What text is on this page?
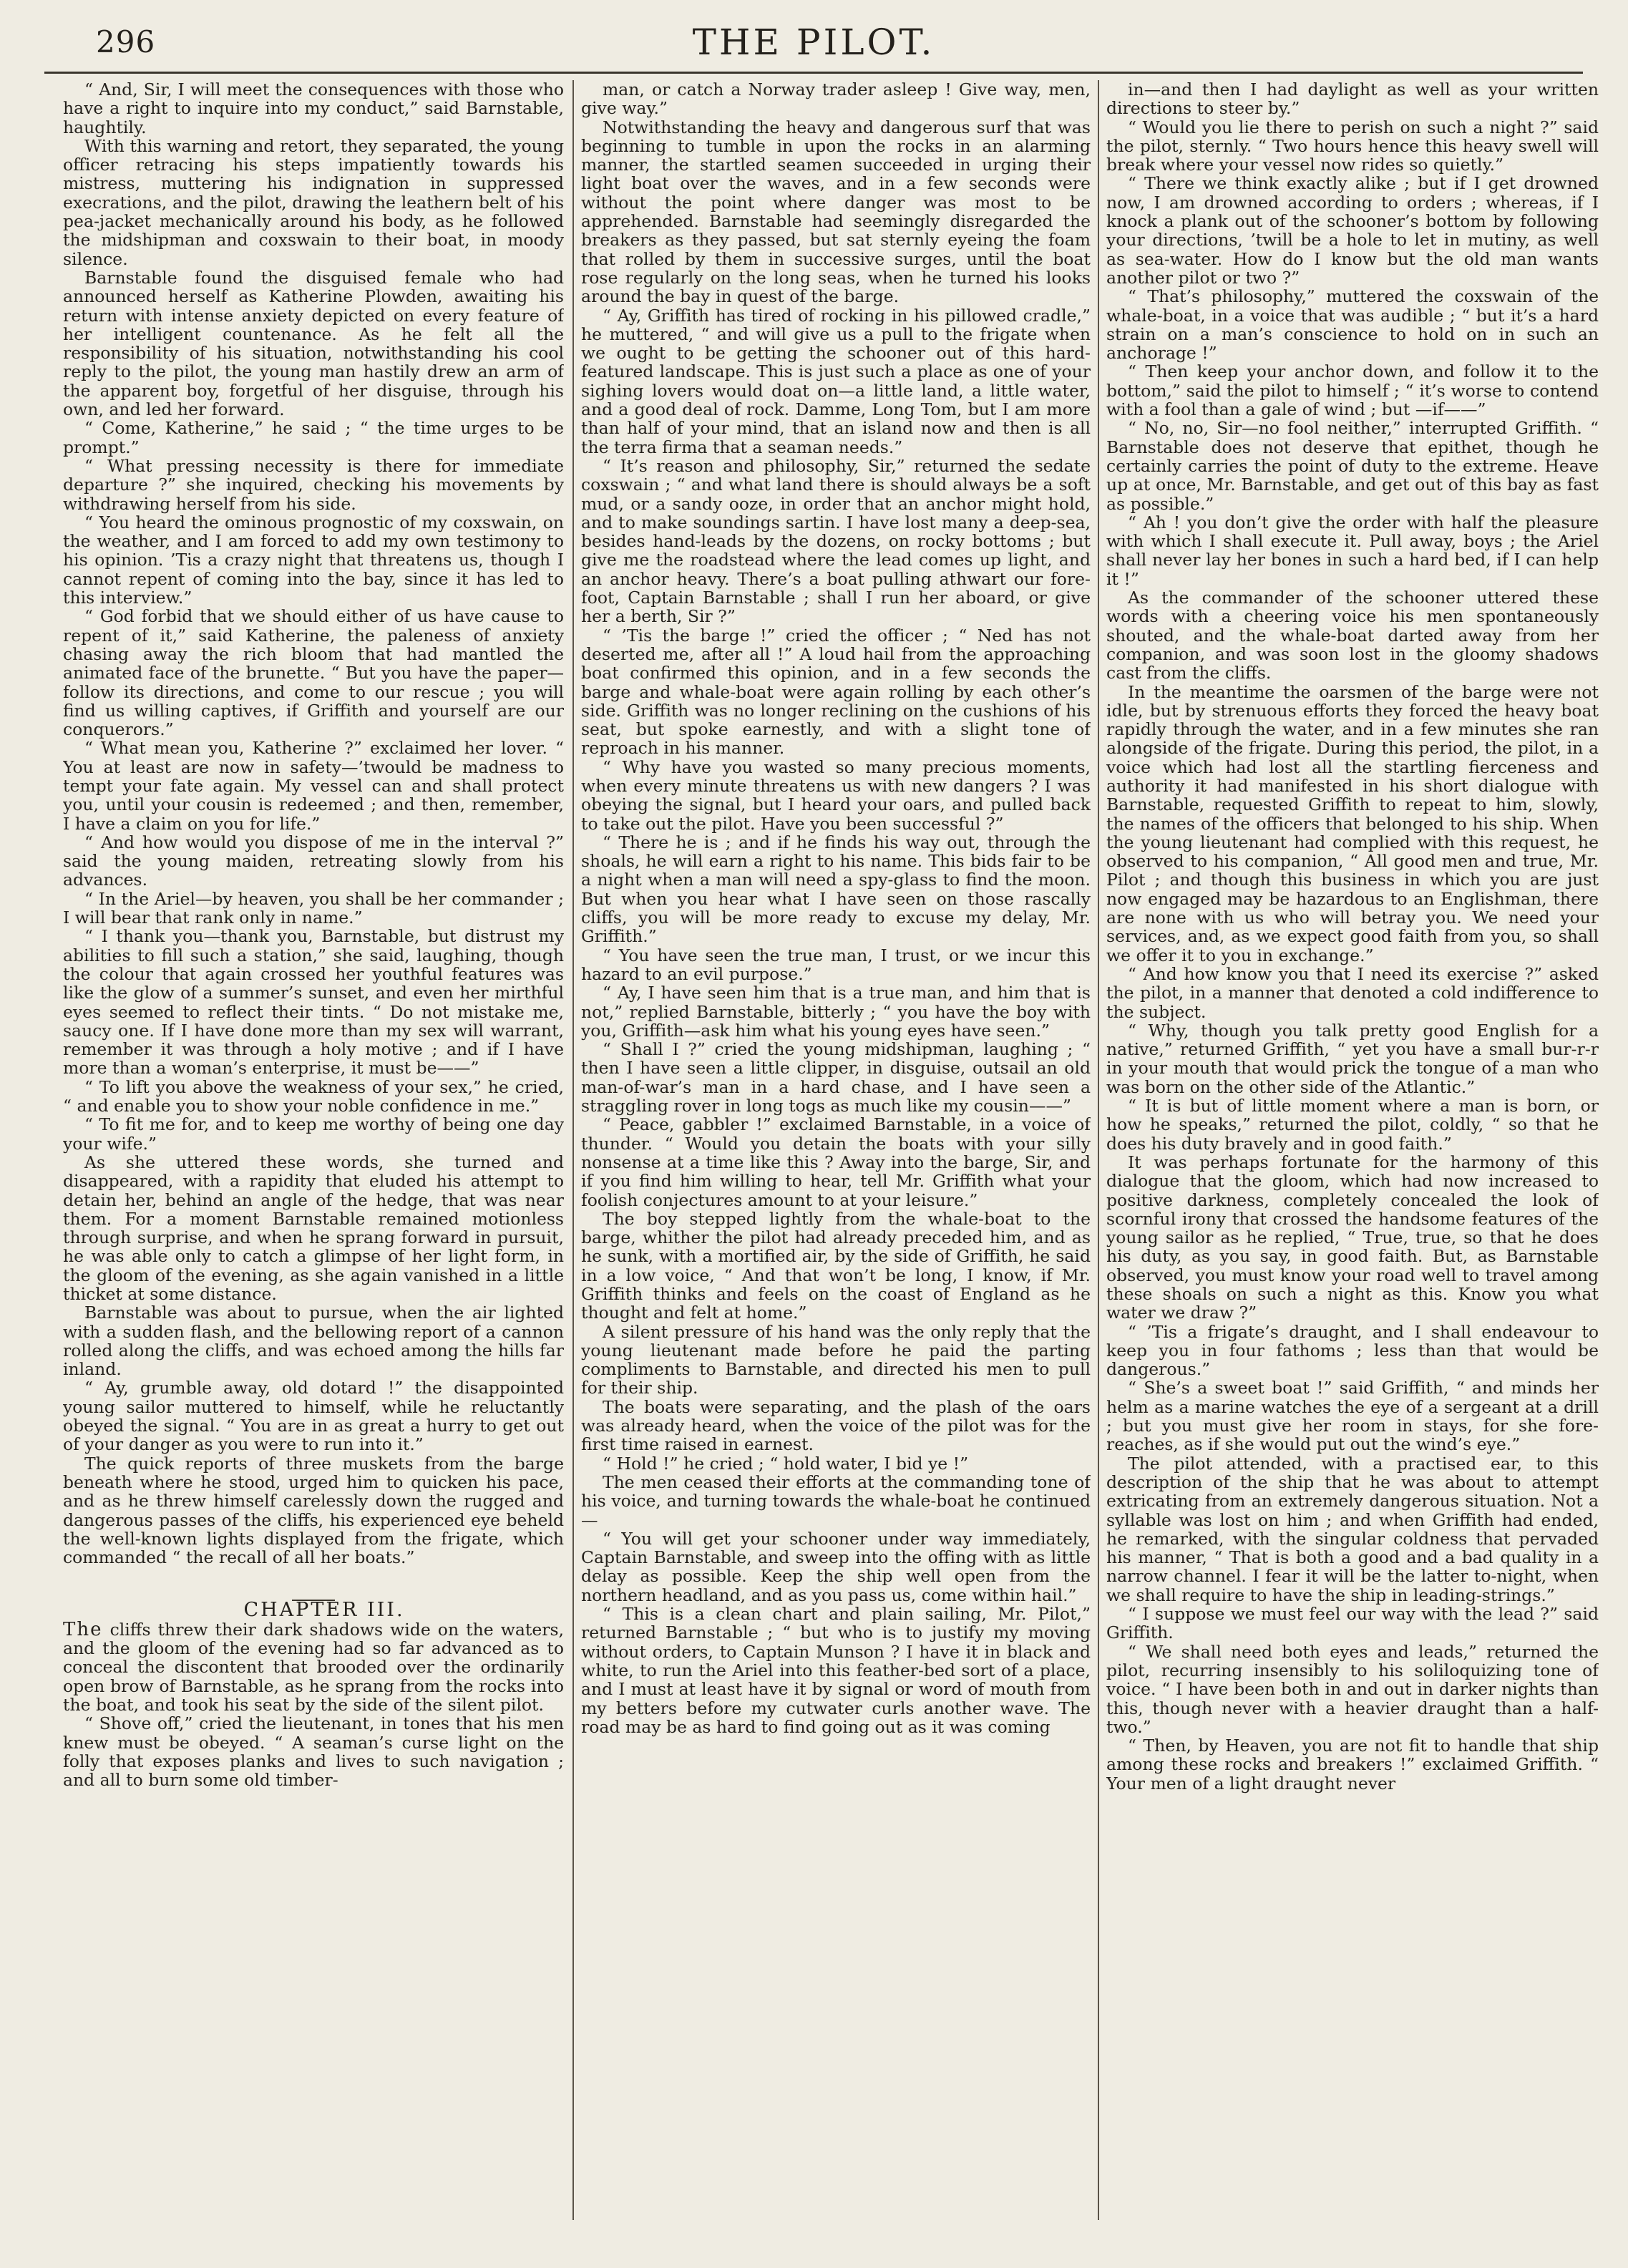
296	THE PILOT.

“ And, Sir, I will meet the consequences with those who have a right to inquire into my conduct,” said Barnstable, haughtily.

With this warning and retort, they separated, the young officer retracing his steps impatiently towards his mistress, muttering his indignation in suppressed execrations, and the pilot, drawing the leathern belt of his pea-jacket mechanically around his body, as he followed the midshipman and coxswain to their boat, in moody silence.

Barnstable found the disguised female who had announced herself as Katherine Plowden, awaiting his return with intense anxiety depicted on every feature of her intelligent countenance. As he felt all the responsibility of his situation, notwithstanding his cool reply to the pilot, the young man hastily drew an arm of the apparent boy, forgetful of her disguise, through his own, and led her forward.

“ Come, Katherine,” he said ; “ the time urges to be prompt.”

“ What pressing necessity is there for immediate departure ?” she inquired, checking his movements by withdrawing herself from his side.

“ You heard the ominous prognostic of my coxswain, on the weather, and I am forced to add my own testimony to his opinion. ’Tis a crazy night that threatens us, though I cannot repent of coming into the bay, since it has led to this interview.”

“ God forbid that we should either of us have cause to repent of it,” said Katherine, the paleness of anxiety chasing away the rich bloom that had mantled the animated face of the brunette. “ But you have the paper—follow its directions, and come to our rescue ; you will find us willing captives, if Griffith and yourself are our conquerors.”

“ What mean you, Katherine ?” exclaimed her lover. “ You at least are now in safety—’twould be madness to tempt your fate again. My vessel can and shall protect you, until your cousin is redeemed ; and then, remember, I have a claim on you for life.”

“ And how would you dispose of me in the interval ?” said the young maiden, retreating slowly from his advances.

“ In the Ariel—by heaven, you shall be her commander ; I will bear that rank only in name.”

“ I thank you—thank you, Barnstable, but distrust my abilities to fill such a station,” she said, laughing, though the colour that again crossed her youthful features was like the glow of a summer’s sunset, and even her mirthful eyes seemed to reflect their tints. “ Do not mistake me, saucy one. If I have done more than my sex will warrant, remember it was through a holy motive ; and if I have more than a woman’s enterprise, it must be——”

“ To lift you above the weakness of your sex,” he cried, “ and enable you to show your noble confidence in me.”

“ To fit me for, and to keep me worthy of being one day your wife.”

As she uttered these words, she turned and disappeared, with a rapidity that eluded his attempt to detain her, behind an angle of the hedge, that was near them. For a moment Barnstable remained motionless through surprise, and when he sprang forward in pursuit, he was able only to catch a glimpse of her light form, in the gloom of the evening, as she again vanished in a little thicket at some distance.

Barnstable was about to pursue, when the air lighted with a sudden flash, and the bellowing report of a cannon rolled along the cliffs, and was echoed among the hills far inland.

“ Ay, grumble away, old dotard !” the disappointed young sailor muttered to himself, while he reluctantly obeyed the signal. “ You are in as great a hurry to get out of your danger as you were to run into it.”

The quick reports of three muskets from the barge beneath where he stood, urged him to quicken his pace, and as he threw himself carelessly down the rugged and dangerous passes of the cliffs, his experienced eye beheld the well-known lights displayed from the frigate, which commanded “ the recall of all her boats.”

CHAPTER III.

The cliffs threw their dark shadows wide on the waters, and the gloom of the evening had so far advanced as to conceal the discontent that brooded over the ordinarily open brow of Barnstable, as he sprang from the rocks into the boat, and took his seat by the side of the silent pilot.

“ Shove off,” cried the lieutenant, in tones that his men knew must be obeyed. “ A seaman’s curse light on the folly that exposes planks and lives to such navigation ; and all to burn some old timber-

man, or catch a Norway trader asleep ! Give way, men, give way.”

Notwithstanding the heavy and dangerous surf that was beginning to tumble in upon the rocks in an alarming manner, the startled seamen succeeded in urging their light boat over the waves, and in a few seconds were without the point where danger was most to be apprehended. Barnstable had seemingly disregarded the breakers as they passed, but sat sternly eyeing the foam that rolled by them in successive surges, until the boat rose regularly on the long seas, when he turned his looks around the bay in quest of the barge.

“ Ay, Griffith has tired of rocking in his pillowed cradle,” he muttered, “ and will give us a pull to the frigate when we ought to be getting the schooner out of this hard-featured landscape. This is just such a place as one of your sighing lovers would doat on—a little land, a little water, and a good deal of rock. Damme, Long Tom, but I am more than half of your mind, that an island now and then is all the terra firma that a seaman needs.”

“ It’s reason and philosophy, Sir,” returned the sedate coxswain ; “ and what land there is should always be a soft mud, or a sandy ooze, in order that an anchor might hold, and to make soundings sartin. I have lost many a deep-sea, besides hand-leads by the dozens, on rocky bottoms ; but give me the roadstead where the lead comes up light, and an anchor heavy. There’s a boat pulling athwart our fore-foot, Captain Barnstable ; shall I run her aboard, or give her a berth, Sir ?”

“ ’Tis the barge !” cried the officer ; “ Ned has not deserted me, after all !” A loud hail from the approaching boat confirmed this opinion, and in a few seconds the barge and whale-boat were again rolling by each other’s side. Griffith was no longer reclining on the cushions of his seat, but spoke earnestly, and with a slight tone of reproach in his manner.

“ Why have you wasted so many precious moments, when every minute threatens us with new dangers ? I was obeying the signal, but I heard your oars, and pulled back to take out the pilot. Have you been successful ?”

“ There he is ; and if he finds his way out, through the shoals, he will earn a right to his name. This bids fair to be a night when a man will need a spy-glass to find the moon. But when you hear what I have seen on those rascally cliffs, you will be more ready to excuse my delay, Mr. Griffith.”

“ You have seen the true man, I trust, or we incur this hazard to an evil purpose.”

“ Ay, I have seen him that is a true man, and him that is not,” replied Barnstable, bitterly ; “ you have the boy with you, Griffith—ask him what his young eyes have seen.”

“ Shall I ?” cried the young midshipman, laughing ; “ then I have seen a little clipper, in disguise, outsail an old man-of-war’s man in a hard chase, and I have seen a straggling rover in long togs as much like my cousin——”

“ Peace, gabbler !” exclaimed Barnstable, in a voice of thunder. “ Would you detain the boats with your silly nonsense at a time like this ? Away into the barge, Sir, and if you find him willing to hear, tell Mr. Griffith what your foolish conjectures amount to at your leisure.”

The boy stepped lightly from the whale-boat to the barge, whither the pilot had already preceded him, and as he sunk, with a mortified air, by the side of Griffith, he said in a low voice, “ And that won’t be long, I know, if Mr. Griffith thinks and feels on the coast of England as he thought and felt at home.”

A silent pressure of his hand was the only reply that the young lieutenant made before he paid the parting compliments to Barnstable, and directed his men to pull for their ship.

The boats were separating, and the plash of the oars was already heard, when the voice of the pilot was for the first time raised in earnest.

“ Hold !” he cried ; “ hold water, I bid ye !”

The men ceased their efforts at the commanding tone of his voice, and turning towards the whale-boat he continued—

“ You will get your schooner under way immediately, Captain Barnstable, and sweep into the offing with as little delay as possible. Keep the ship well open from the northern headland, and as you pass us, come within hail.”

“ This is a clean chart and plain sailing, Mr. Pilot,” returned Barnstable ; “ but who is to justify my moving without orders, to Captain Munson ? I have it in black and white, to run the Ariel into this feather-bed sort of a place, and I must at least have it by signal or word of mouth from my betters before my cutwater curls another wave. The road may be as hard to find going out as it was coming

in—and then I had daylight as well as your written directions to steer by.”

“ Would you lie there to perish on such a night ?” said the pilot, sternly. “ Two hours hence this heavy swell will break where your vessel now rides so quietly.”

“ There we think exactly alike ; but if I get drowned now, I am drowned according to orders ; whereas, if I knock a plank out of the schooner’s bottom by following your directions, ’twill be a hole to let in mutiny, as well as sea-water. How do I know but the old man wants another pilot or two ?”

“ That’s philosophy,” muttered the coxswain of the whale-boat, in a voice that was audible ; “ but it’s a hard strain on a man’s conscience to hold on in such an anchorage !”

“ Then keep your anchor down, and follow it to the bottom,” said the pilot to himself ; “ it’s worse to contend with a fool than a gale of wind ; but —if——”

“ No, no, Sir—no fool neither,” interrupted Griffith. “ Barnstable does not deserve that epithet, though he certainly carries the point of duty to the extreme. Heave up at once, Mr. Barnstable, and get out of this bay as fast as possible.”

“ Ah ! you don’t give the order with half the pleasure with which I shall execute it. Pull away, boys ; the Ariel shall never lay her bones in such a hard bed, if I can help it !”

As the commander of the schooner uttered these words with a cheering voice his men spontaneously shouted, and the whale-boat darted away from her companion, and was soon lost in the gloomy shadows cast from the cliffs.

In the meantime the oarsmen of the barge were not idle, but by strenuous efforts they forced the heavy boat rapidly through the water, and in a few minutes she ran alongside of the frigate. During this period, the pilot, in a voice which had lost all the startling fierceness and authority it had manifested in his short dialogue with Barnstable, requested Griffith to repeat to him, slowly, the names of the officers that belonged to his ship. When the young lieutenant had complied with this request, he observed to his companion, “ All good men and true, Mr. Pilot ; and though this business in which you are just now engaged may be hazardous to an Englishman, there are none with us who will betray you. We need your services, and, as we expect good faith from you, so shall we offer it to you in exchange.”

“ And how know you that I need its exercise ?” asked the pilot, in a manner that denoted a cold indifference to the subject.

“ Why, though you talk pretty good English for a native,” returned Griffith, “ yet you have a small bur-r-r in your mouth that would prick the tongue of a man who was born on the other side of the Atlantic.”

“ It is but of little moment where a man is born, or how he speaks,” returned the pilot, coldly, “ so that he does his duty bravely and in good faith.”

It was perhaps fortunate for the harmony of this dialogue that the gloom, which had now increased to positive darkness, completely concealed the look of scornful irony that crossed the handsome features of the young sailor as he replied, “ True, true, so that he does his duty, as you say, in good faith. But, as Barnstable observed, you must know your road well to travel among these shoals on such a night as this. Know you what water we draw ?”

“ ’Tis a frigate’s draught, and I shall endeavour to keep you in four fathoms ; less than that would be dangerous.”

“ She’s a sweet boat !” said Griffith, “ and minds her helm as a marine watches the eye of a sergeant at a drill ; but you must give her room in stays, for she fore-reaches, as if she would put out the wind’s eye.”

The pilot attended, with a practised ear, to this description of the ship that he was about to attempt extricating from an extremely dangerous situation. Not a syllable was lost on him ; and when Griffith had ended, he remarked, with the singular coldness that pervaded his manner, “ That is both a good and a bad quality in a narrow channel. I fear it will be the latter to-night, when we shall require to have the ship in leading-strings.”

“ I suppose we must feel our way with the lead ?” said Griffith.

“ We shall need both eyes and leads,” returned the pilot, recurring insensibly to his soliloquizing tone of voice. “ I have been both in and out in darker nights than this, though never with a heavier draught than a half-two.”

“ Then, by Heaven, you are not fit to handle that ship among these rocks and breakers !” exclaimed Griffith. “ Your men of a light draught never
